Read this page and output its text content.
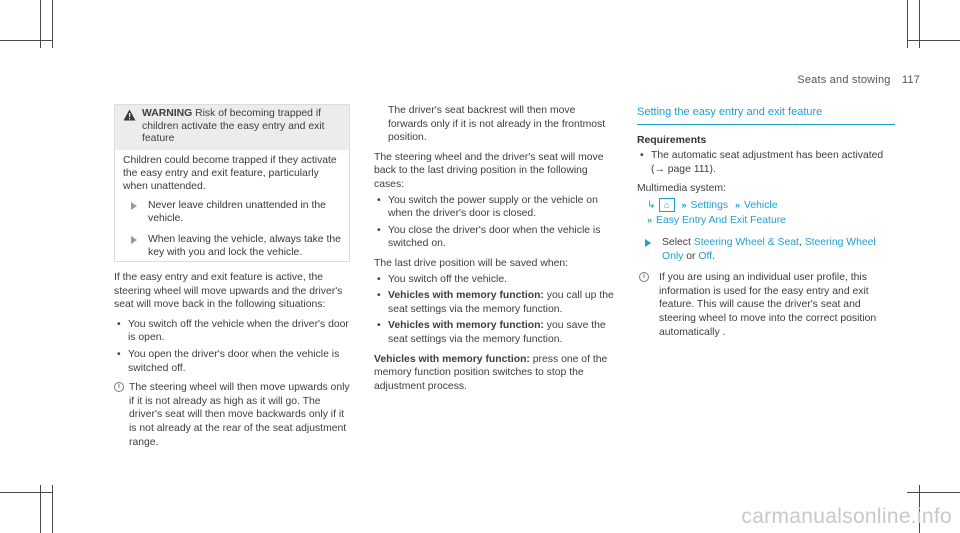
Seats and stowing 117
WARNING Risk of becoming trapped if children activate the easy entry and exit feature

Children could become trapped if they activate the easy entry and exit feature, particularly when unattended.

Never leave children unattended in the vehicle.
When leaving the vehicle, always take the key with you and lock the vehicle.

If the easy entry and exit feature is active, the steering wheel will move upwards and the driver's seat will move back in the following situations:

• You switch off the vehicle when the driver's door is open.
• You open the driver's door when the vehicle is switched off.
i The steering wheel will then move upwards only if it is not already as high as it will go. The driver's seat will then move backwards only if it is not already at the rear of the seat adjustment range.

The driver's seat backrest will then move forwards only if it is not already in the frontmost position.

The steering wheel and the driver's seat will move back to the last driving position in the following cases:

• You switch the power supply or the vehicle on when the driver's door is closed.
• You close the driver's door when the vehicle is switched on.

The last drive position will be saved when:

• You switch off the vehicle.
• Vehicles with memory function: you call up the seat settings via the memory function.
• Vehicles with memory function: you save the seat settings via the memory function.

Vehicles with memory function: press one of the memory function position switches to stop the adjustment process.

Setting the easy entry and exit feature
Requirements
• The automatic seat adjustment has been activated (→ page 111).

Multimedia system:

↳ ⌂ » Settings » Vehicle
» Easy Entry And Exit Feature
Select Steering Wheel & Seat, Steering Wheel Only or Off.
i	If you are using an individual user profile, this information is used for the easy entry and exit feature. This will cause the driver's seat and steering wheel to move into the correct position automatically .
carmanualsonline.info
